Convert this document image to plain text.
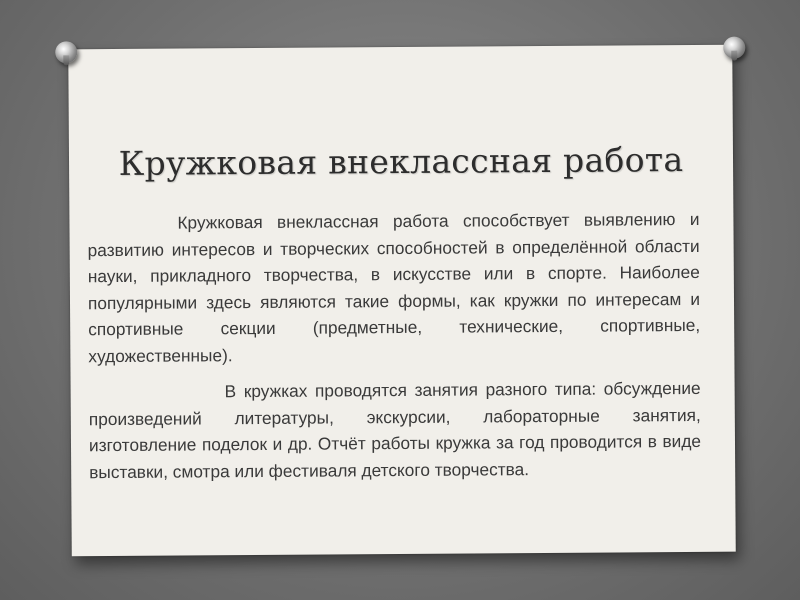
Кружковая внеклассная работа

Кружковая внеклассная работа способствует выявлению и развитию интересов и творческих способностей в определённой области науки, прикладного творчества, в искусстве или в спорте. Наиболее популярными здесь являются такие формы, как кружки по интересам и спортивные секции (предметные, технические, спортивные, художественные).

В кружках проводятся занятия разного типа: обсуждение произведений литературы, экскурсии, лабораторные занятия, изготовление поделок и др. Отчёт работы кружка за год проводится в виде выставки, смотра или фестиваля детского творчества.
